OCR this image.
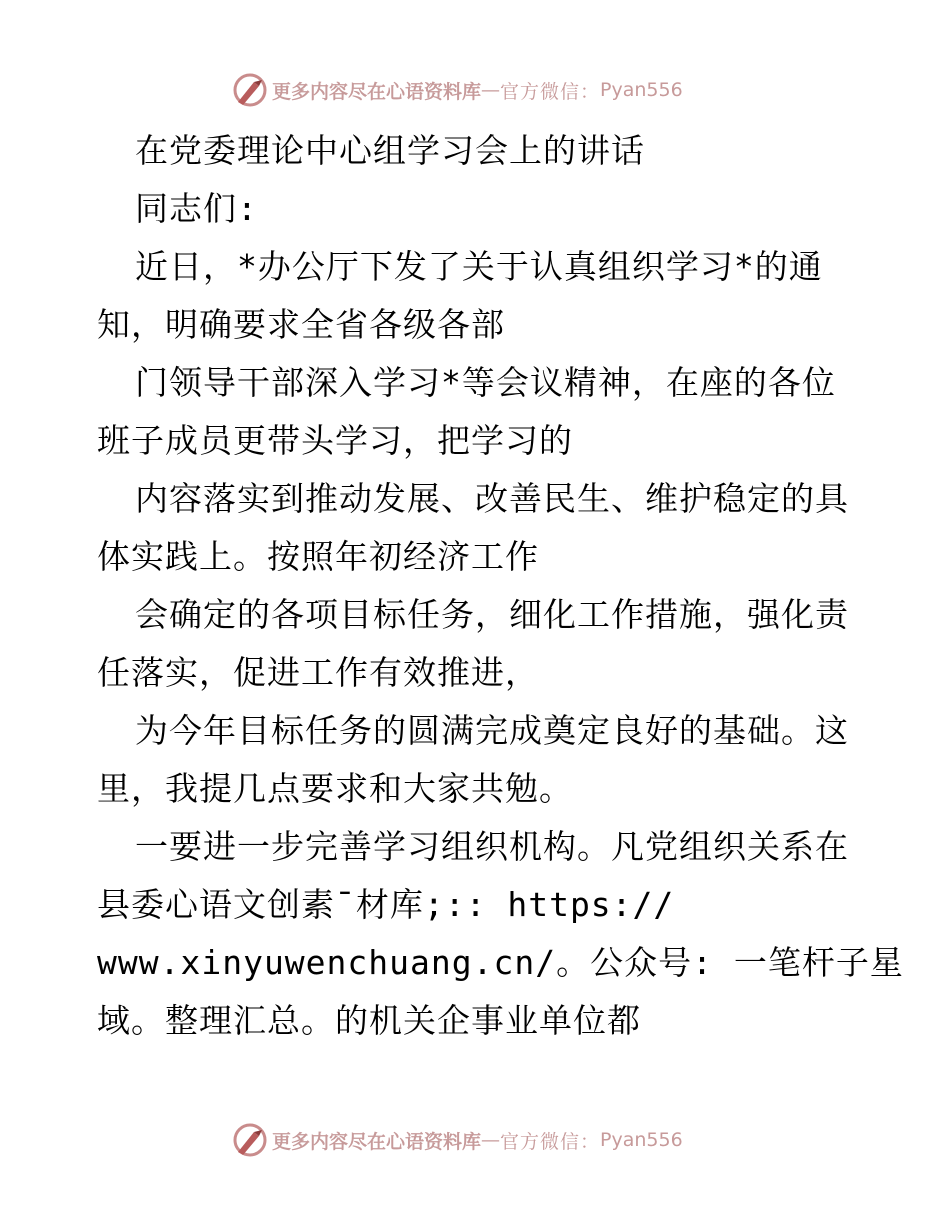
更多内容尽在心语资料库 — 官方微信： Pyan556
在党委理论中心组学习会上的讲话
同志们:
近日，*办公厅下发了关于认真组织学习*的通
知，明确要求全省各级各部
门领导干部深入学习*等会议精神，在座的各位
班子成员更带头学习，把学习的
内容落实到推动发展、改善民生、维护稳定的具
体实践上。按照年初经济工作
会确定的各项目标任务，细化工作措施，强化责
任落实，促进工作有效推进，
为今年目标任务的圆满完成奠定良好的基础。这
里，我提几点要求和大家共勉。
一要进一步完善学习组织机构。凡党组织关系在
县委心语文创素¯材库;:: https://
www.xinyuwenchuang.cn/。公众号: 一笔杆子星
域。整理汇总。的机关企事业单位都
更多内容尽在心语资料库 — 官方微信： Pyan556
